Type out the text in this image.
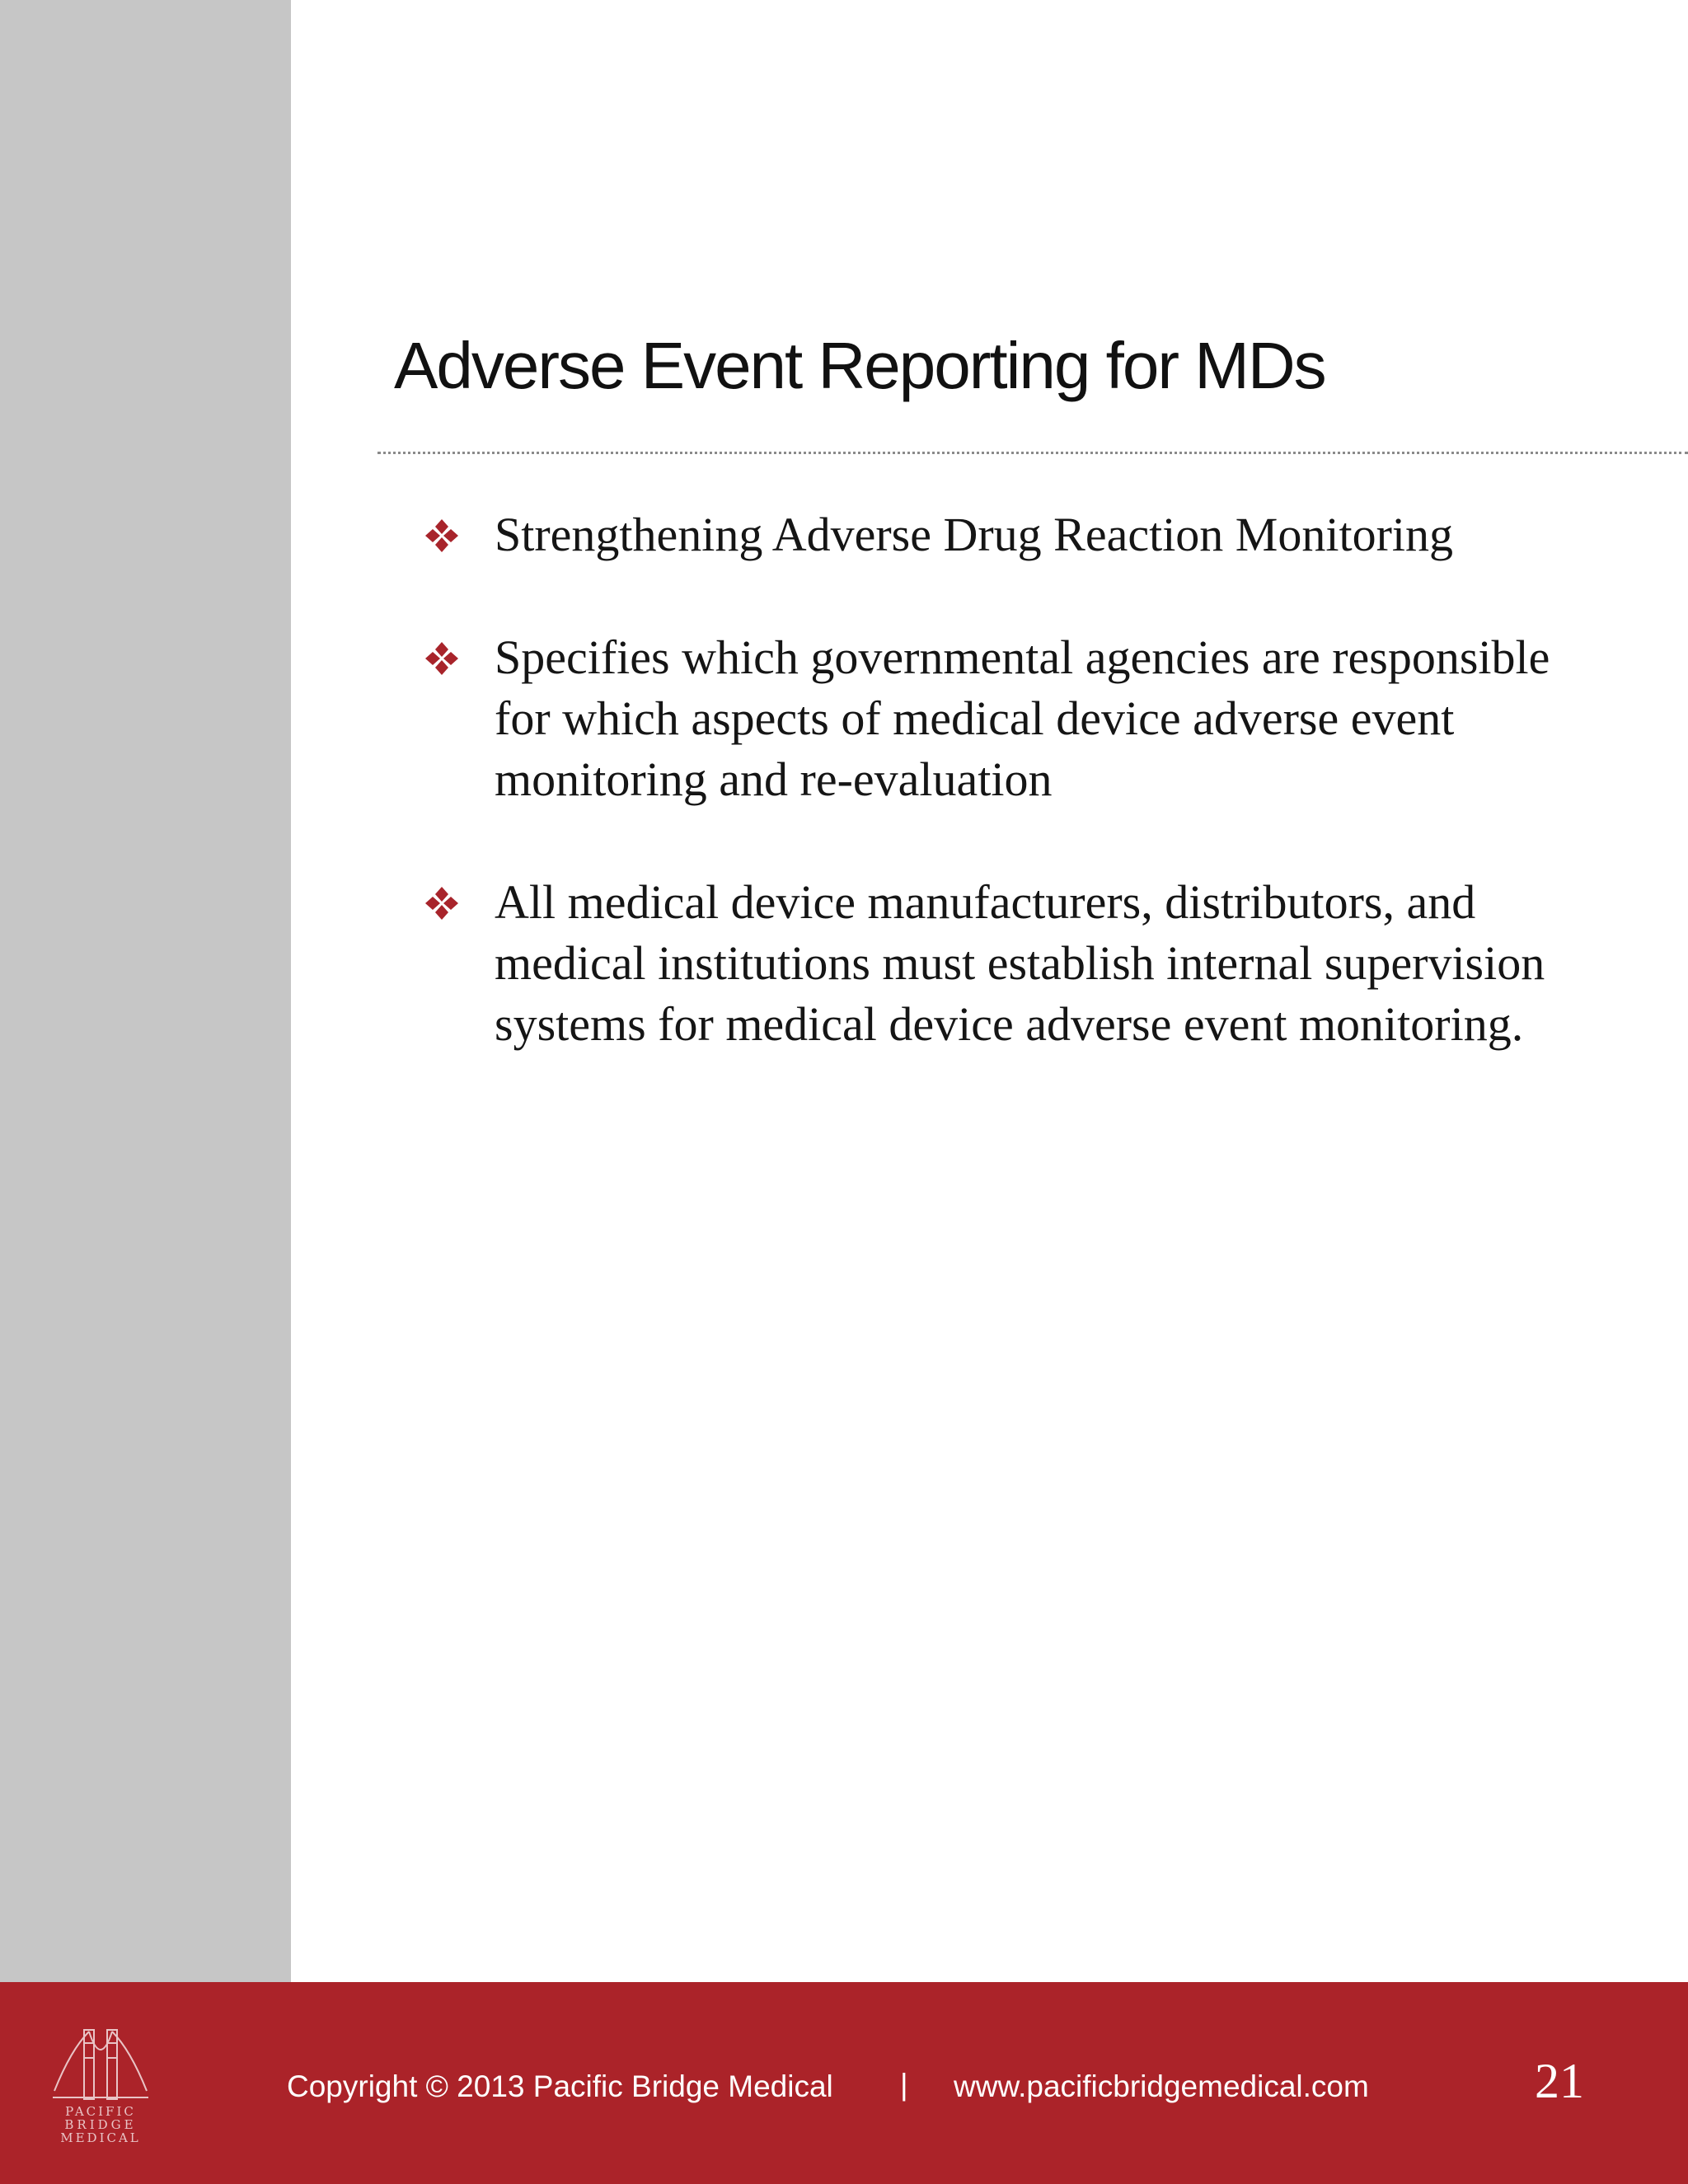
Adverse Event Reporting for MDs
Strengthening Adverse Drug Reaction Monitoring
Specifies which governmental agencies are responsible for which aspects of medical device adverse event monitoring and re-evaluation
All medical device manufacturers, distributors, and medical institutions must establish internal supervision systems for medical device adverse event monitoring.
PACIFIC
BRIDGE
MEDICAL
Copyright © 2013 Pacific Bridge Medical | www.pacificbridgemedical.com	21
